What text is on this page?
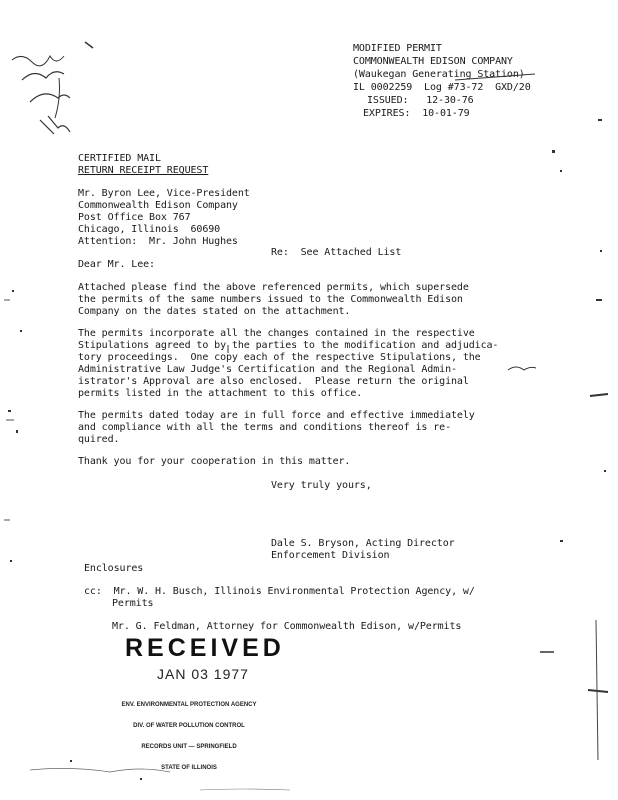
MODIFIED PERMIT
COMMONWEALTH EDISON COMPANY
(Waukegan Generating Station)
IL 0002259  Log #73-72  GXD/20
ISSUED:   12-30-76
EXPIRES:  10-01-79
CERTIFIED MAIL
RETURN RECEIPT REQUEST
Mr. Byron Lee, Vice-President
Commonwealth Edison Company
Post Office Box 767
Chicago, Illinois  60690
Attention:  Mr. John Hughes
Re:  See Attached List
Dear Mr. Lee:
Attached please find the above referenced permits, which supersede
the permits of the same numbers issued to the Commonwealth Edison
Company on the dates stated on the attachment.
The permits incorporate all the changes contained in the respective
Stipulations agreed to by the parties to the modification and adjudica-
tory proceedings.  One copy each of the respective Stipulations, the
Administrative Law Judge's Certification and the Regional Admin-
istrator's Approval are also enclosed.  Please return the original
permits listed in the attachment to this office.
The permits dated today are in full force and effective immediately
and compliance with all the terms and conditions thereof is re-
quired.
Thank you for your cooperation in this matter.
Very truly yours,
Dale S. Bryson, Acting Director
Enforcement Division
Enclosures
cc:  Mr. W. H. Busch, Illinois Environmental Protection Agency, w/
Permits
Mr. G. Feldman, Attorney for Commonwealth Edison, w/Permits
RECEIVED
JAN 03 1977

ENV. ENVIRONMENTAL PROTECTION AGENCY

DIV. OF WATER POLLUTION CONTROL

RECORDS UNIT — SPRINGFIELD

STATE OF ILLINOIS
